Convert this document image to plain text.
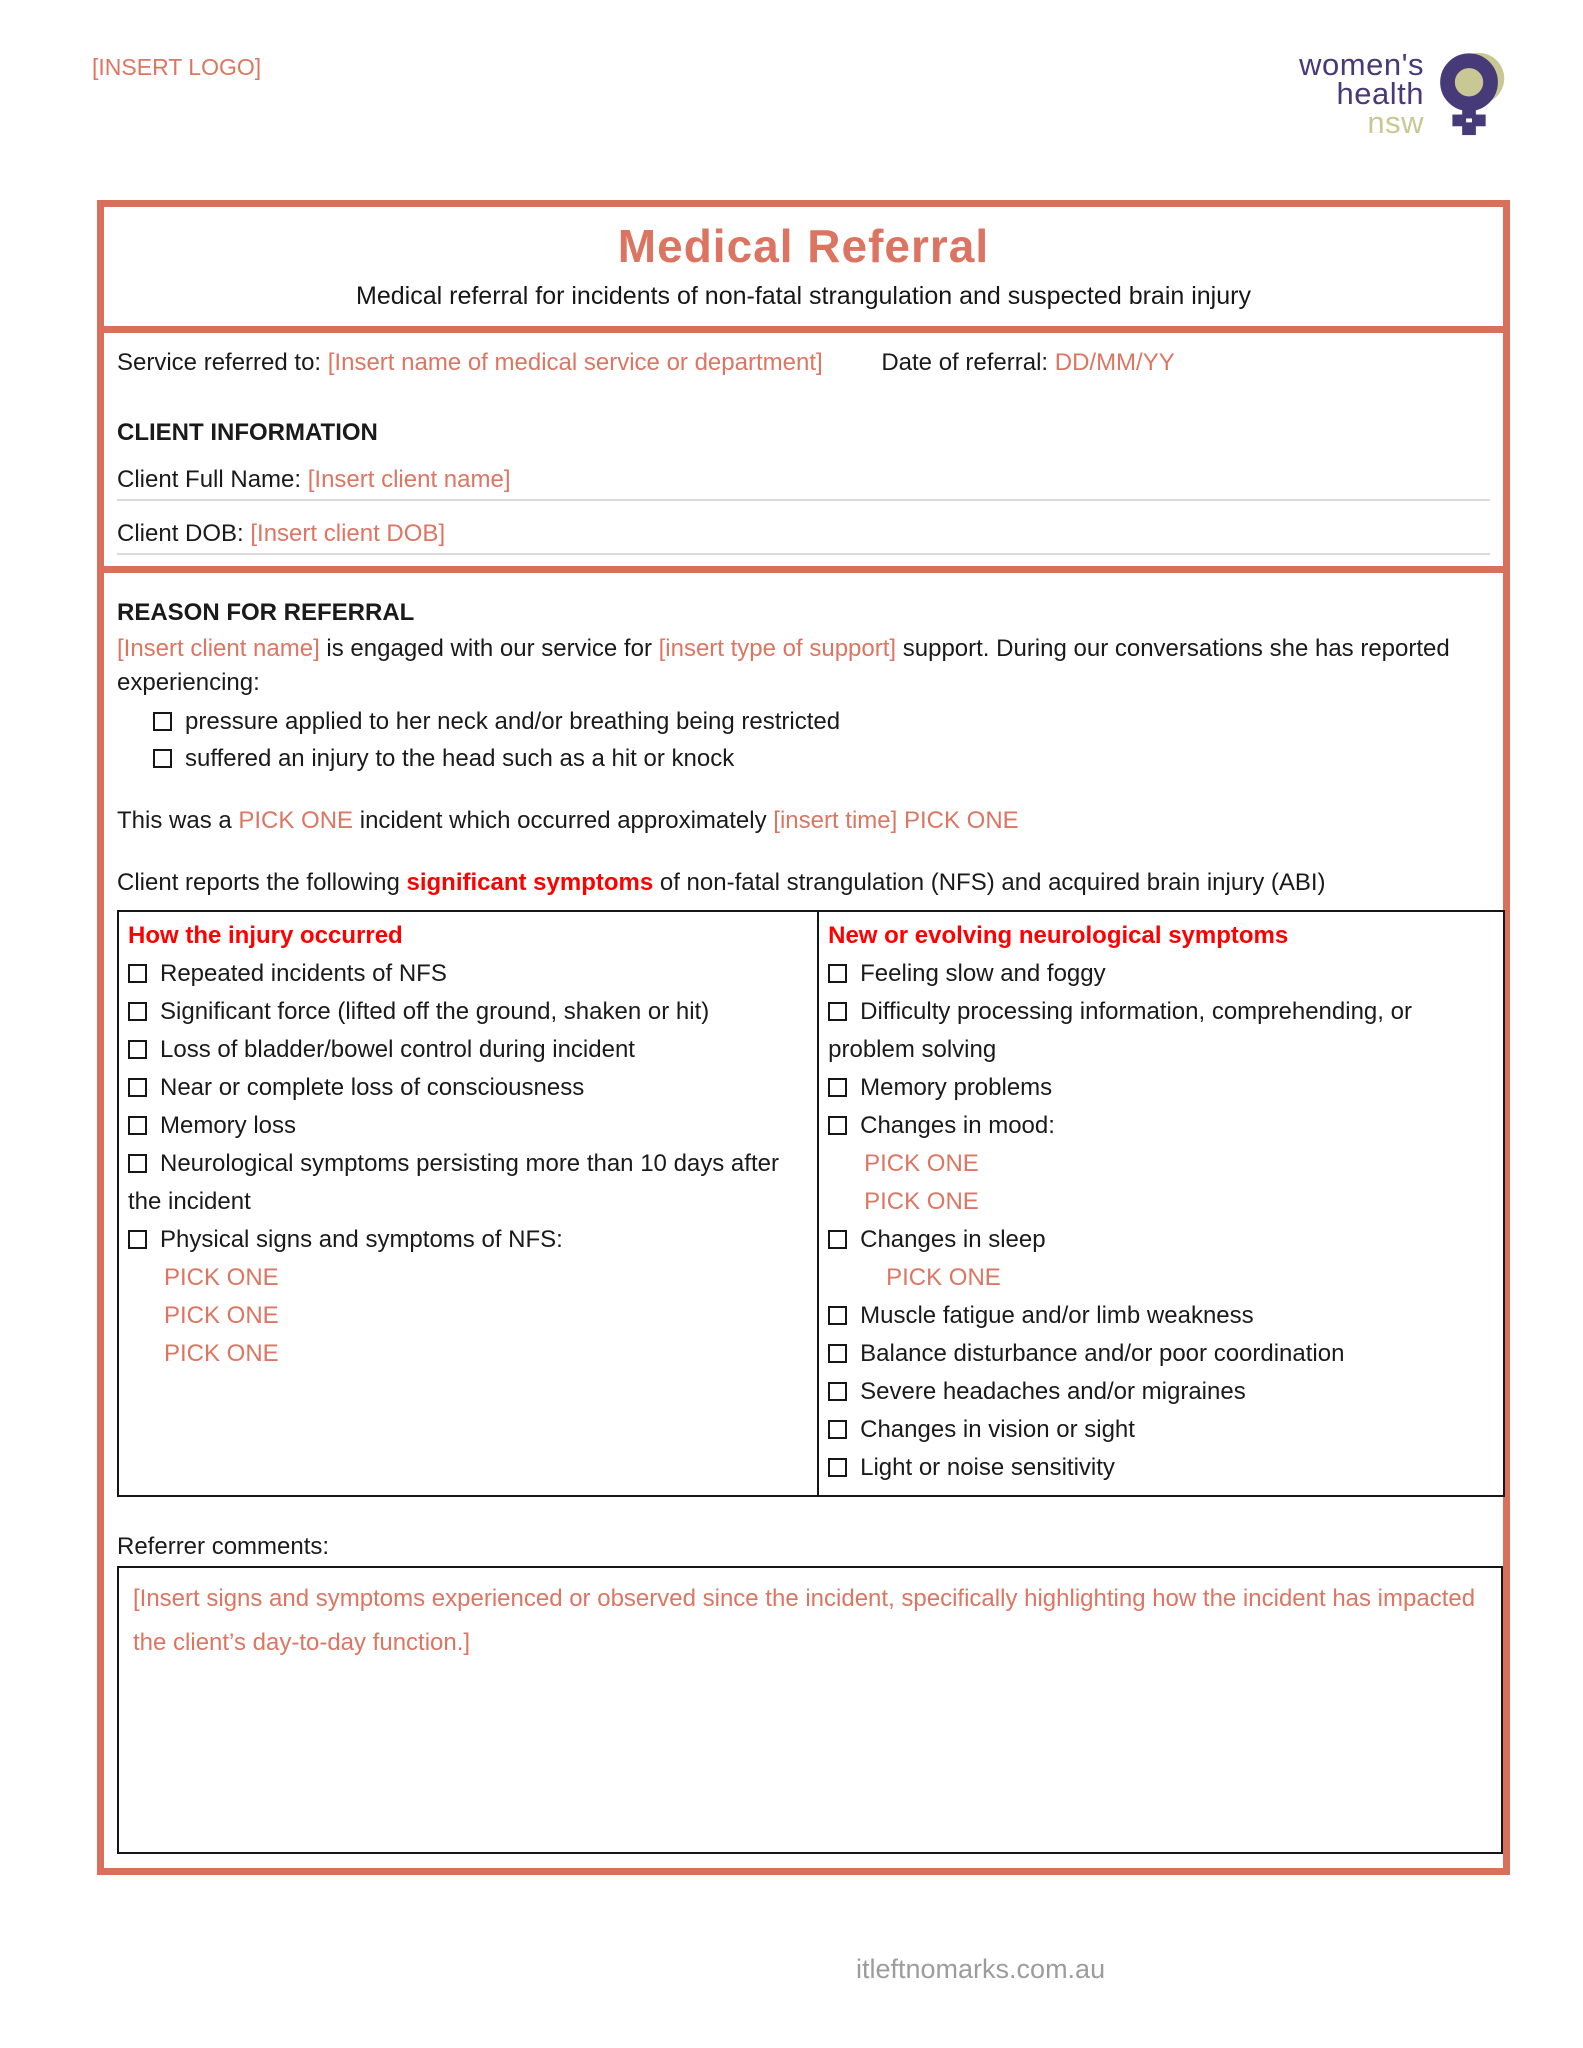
[INSERT LOGO]	women's
health
nsw
Medical Referral
Medical referral for incidents of non-fatal strangulation and suspected brain injury
Service referred to: [Insert name of medical service or department] Date of referral: DD/MM/YY
CLIENT INFORMATION
Client Full Name: [Insert client name]
Client DOB: [Insert client DOB]
REASON FOR REFERRAL

[Insert client name] is engaged with our service for [insert type of support] support. During our conversations she has reported experiencing:

pressure applied to her neck and/or breathing being restricted
suffered an injury to the head such as a hit or knock
This was a PICK ONE incident which occurred approximately [insert time] PICK ONE
Client reports the following significant symptoms of non-fatal strangulation (NFS) and acquired brain injury (ABI)
How the injury occurred
Repeated incidents of NFS
Significant force (lifted off the ground, shaken or hit)
Loss of bladder/bowel control during incident
Near or complete loss of consciousness
Memory loss
Neurological symptoms persisting more than 10 days after the incident
Physical signs and symptoms of NFS:
PICK ONE
PICK ONE
PICK ONE

New or evolving neurological symptoms
Feeling slow and foggy
Difficulty processing information, comprehending, or problem solving
Memory problems
Changes in mood:
PICK ONE
PICK ONE
Changes in sleep
PICK ONE
Muscle fatigue and/or limb weakness
Balance disturbance and/or poor coordination
Severe headaches and/or migraines
Changes in vision or sight
Light or noise sensitivity
Referrer comments:
[Insert signs and symptoms experienced or observed since the incident, specifically highlighting how the incident has impacted the client’s day-to-day function.]
itleftnomarks.com.au
